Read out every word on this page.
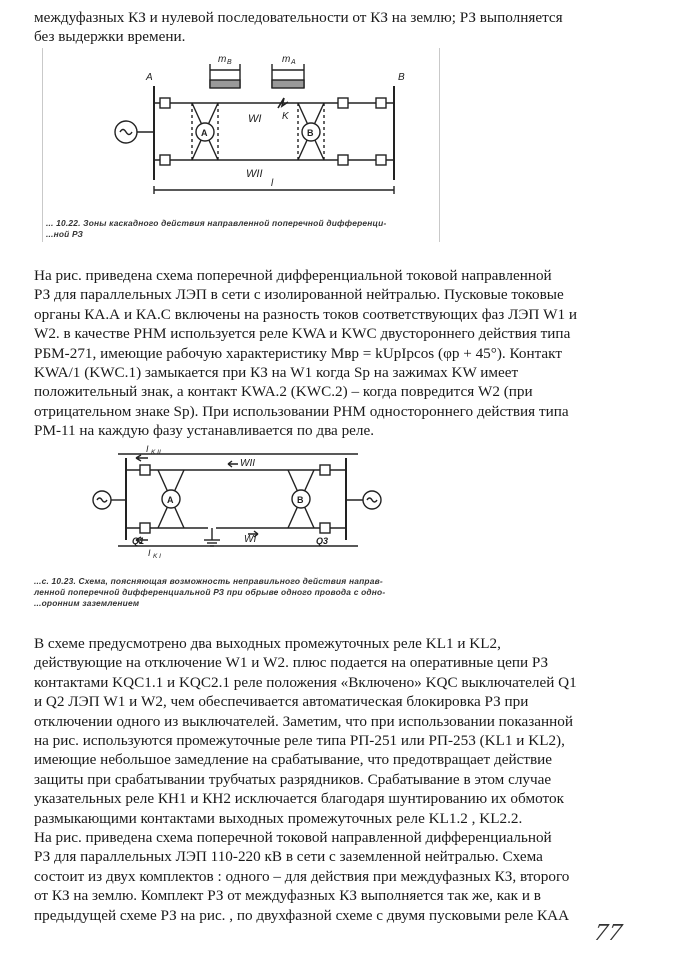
междуфазных КЗ и нулевой последовательности от КЗ на землю; РЗ выполняется
без выдержки времени.

A	B
m B	m A
WI
WII
K
A	B
l
... 10.22. Зоны каскадного действия направленной поперечной дифференци-
...ной РЗ

На рис. приведена схема поперечной дифференциальной токовой направленной
РЗ для параллельных ЛЭП в сети с изолированной нейтралью. Пусковые токовые
органы КА.А и КА.С включены на разность токов соответствующих фаз ЛЭП W1 и
W2. в качестве РНМ используется реле KWA и KWC двустороннего действия типа
РБМ-271, имеющие рабочую характеристику Мвр = kUpIpcos (φр + 45°). Контакт
KWA/1 (KWC.1) замыкается при КЗ на W1 когда Sp на зажимах KW имеет
положительный знак, а контакт KWA.2 (KWC.2) – когда повредится W2 (при
отрицательном знаке Sp). При использовании РНМ одностороннего действия типа
РМ-11 на каждую фазу устанавливается по два реле.

I K II
I K I
WII
WI
A	B
Q1	Q3
...с. 10.23. Схема, поясняющая возможность неправильного действия направ-
ленной поперечной дифференциальной РЗ при обрыве одного провода с одно-
...оронним заземлением

В схеме предусмотрено два выходных промежуточных реле KL1 и KL2,
действующие на отключение W1 и W2. плюс подается на оперативные цепи РЗ
контактами KQC1.1 и KQC2.1 реле положения «Включено» KQC выключателей Q1
и Q2 ЛЭП W1 и W2, чем обеспечивается автоматическая блокировка РЗ при
отключении одного из выключателей. Заметим, что при использовании показанной
на рис. используются промежуточные реле типа РП-251 или РП-253 (KL1 и KL2),
имеющие небольшое замедление на срабатывание, что предотвращает действие
защиты при срабатывании трубчатых разрядников. Срабатывание в этом случае
указательных реле КН1 и КН2 исключается благодаря шунтированию их обмоток
размыкающими контактами выходных промежуточных реле KL1.2 , KL2.2.
На рис. приведена схема поперечной токовой направленной дифференциальной
РЗ для параллельных ЛЭП 110-220 кВ в сети с заземленной нейтралью. Схема
состоит из двух комплектов : одного – для действия при междуфазных КЗ, второго
от КЗ на землю. Комплект РЗ от междуфазных КЗ выполняется так же, как и в
предыдущей схеме РЗ на рис. , по двухфазной схеме с двумя пусковыми реле КАА

77
